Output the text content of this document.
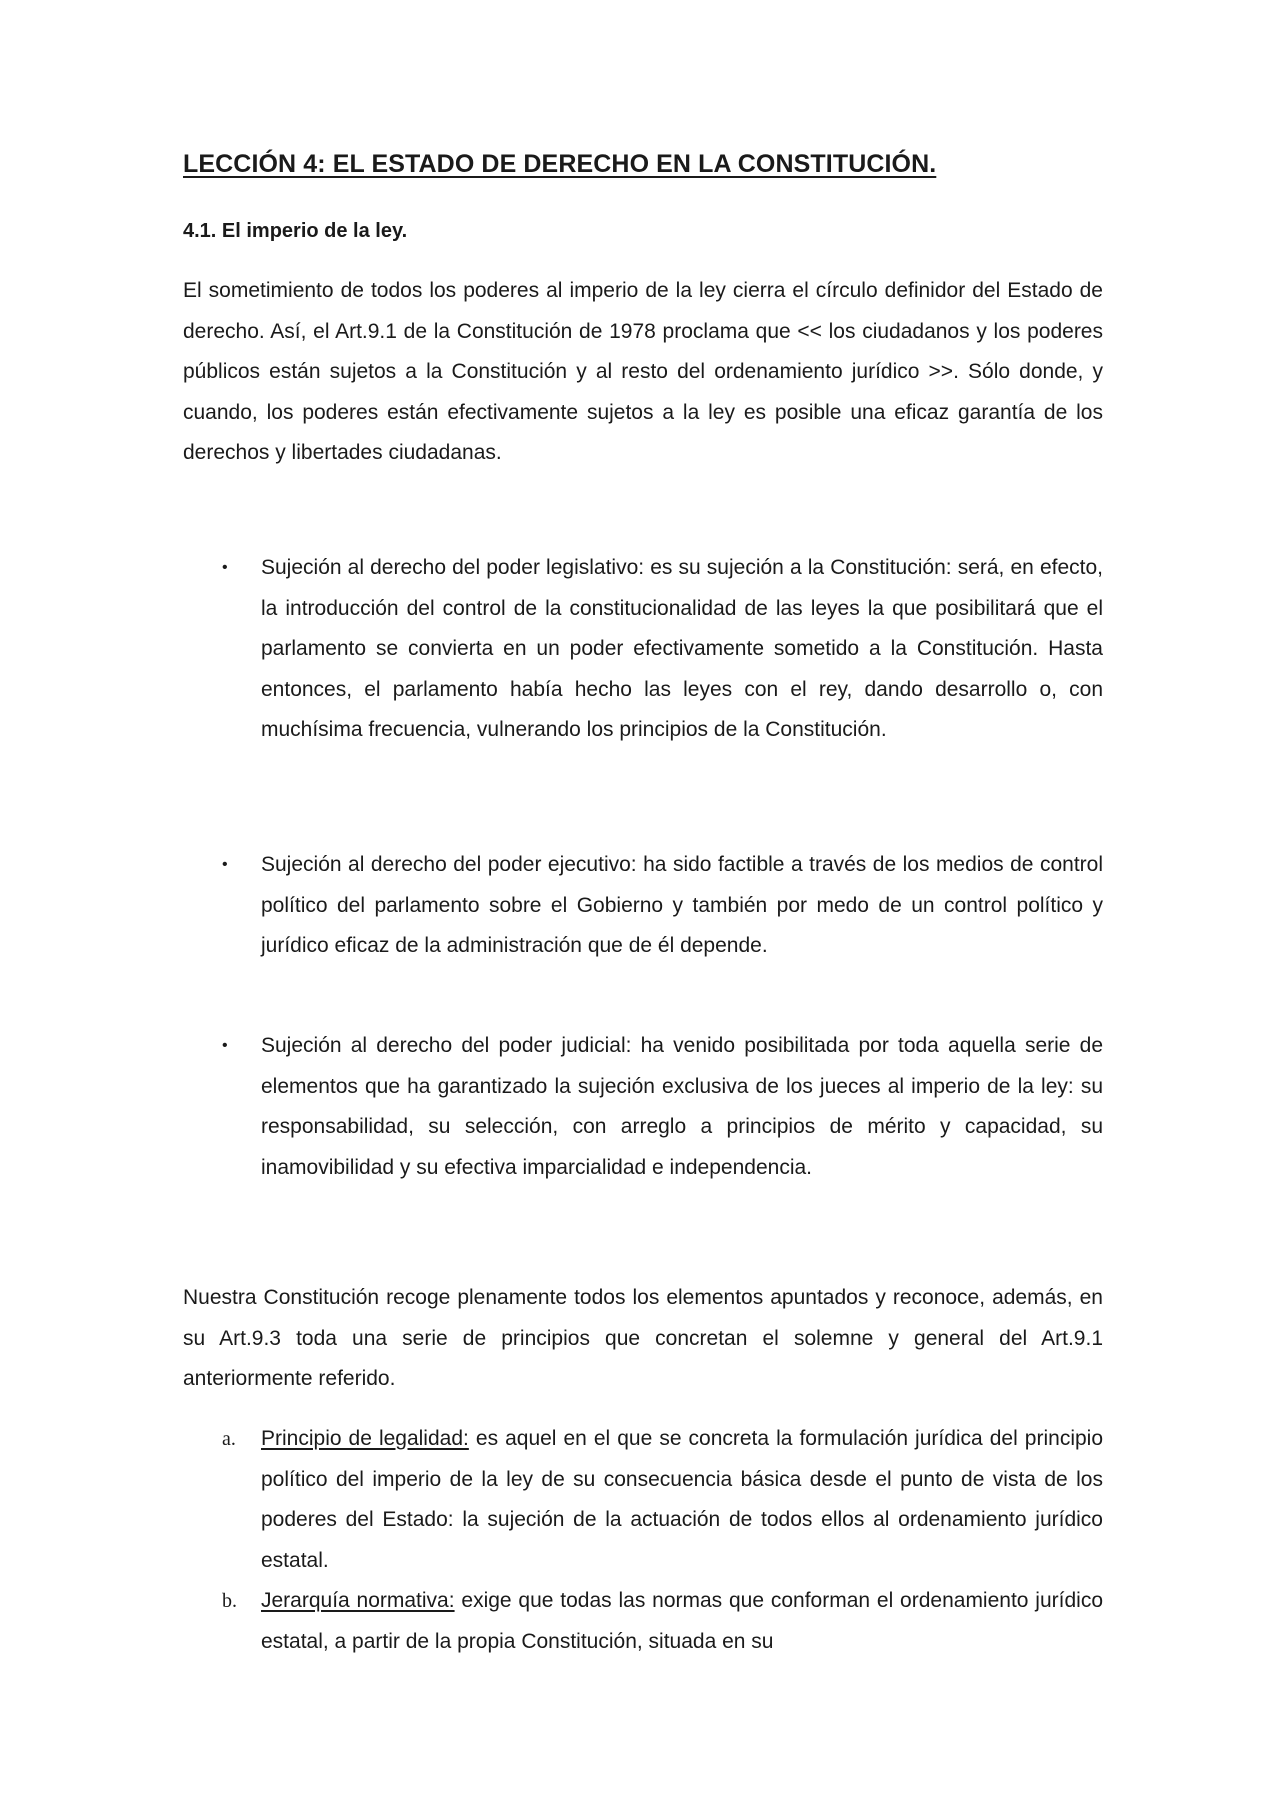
LECCIÓN 4: EL ESTADO DE DERECHO EN LA CONSTITUCIÓN.
4.1. El imperio de la ley.

El sometimiento de todos los poderes al imperio de la ley cierra el círculo definidor del Estado de derecho. Así, el Art.9.1 de la Constitución de 1978 proclama que << los ciudadanos y los poderes públicos están sujetos a la Constitución y al resto del ordenamiento jurídico >>. Sólo donde, y cuando, los poderes están efectivamente sujetos a la ley es posible una eficaz garantía de los derechos y libertades ciudadanas.

•	Sujeción al derecho del poder legislativo: es su sujeción a la Constitución: será, en efecto, la introducción del control de la constitucionalidad de las leyes la que posibilitará que el parlamento se convierta en un poder efectivamente sometido a la Constitución. Hasta entonces, el parlamento había hecho las leyes con el rey, dando desarrollo o, con muchísima frecuencia, vulnerando los principios de la Constitución.
•	Sujeción al derecho del poder ejecutivo: ha sido factible a través de los medios de control político del parlamento sobre el Gobierno y también por medo de un control político y jurídico eficaz de la administración que de él depende.
•	Sujeción al derecho del poder judicial: ha venido posibilitada por toda aquella serie de elementos que ha garantizado la sujeción exclusiva de los jueces al imperio de la ley: su responsabilidad, su selección, con arreglo a principios de mérito y capacidad, su inamovibilidad y su efectiva imparcialidad e independencia.

Nuestra Constitución recoge plenamente todos los elementos apuntados y reconoce, además, en su Art.9.3 toda una serie de principios que concretan el solemne y general del Art.9.1 anteriormente referido.

a. Principio de legalidad: es aquel en el que se concreta la formulación jurídica del principio político del imperio de la ley de su consecuencia básica desde el punto de vista de los poderes del Estado: la sujeción de la actuación de todos ellos al ordenamiento jurídico estatal.
b. Jerarquía normativa: exige que todas las normas que conforman el ordenamiento jurídico estatal, a partir de la propia Constitución, situada en su
